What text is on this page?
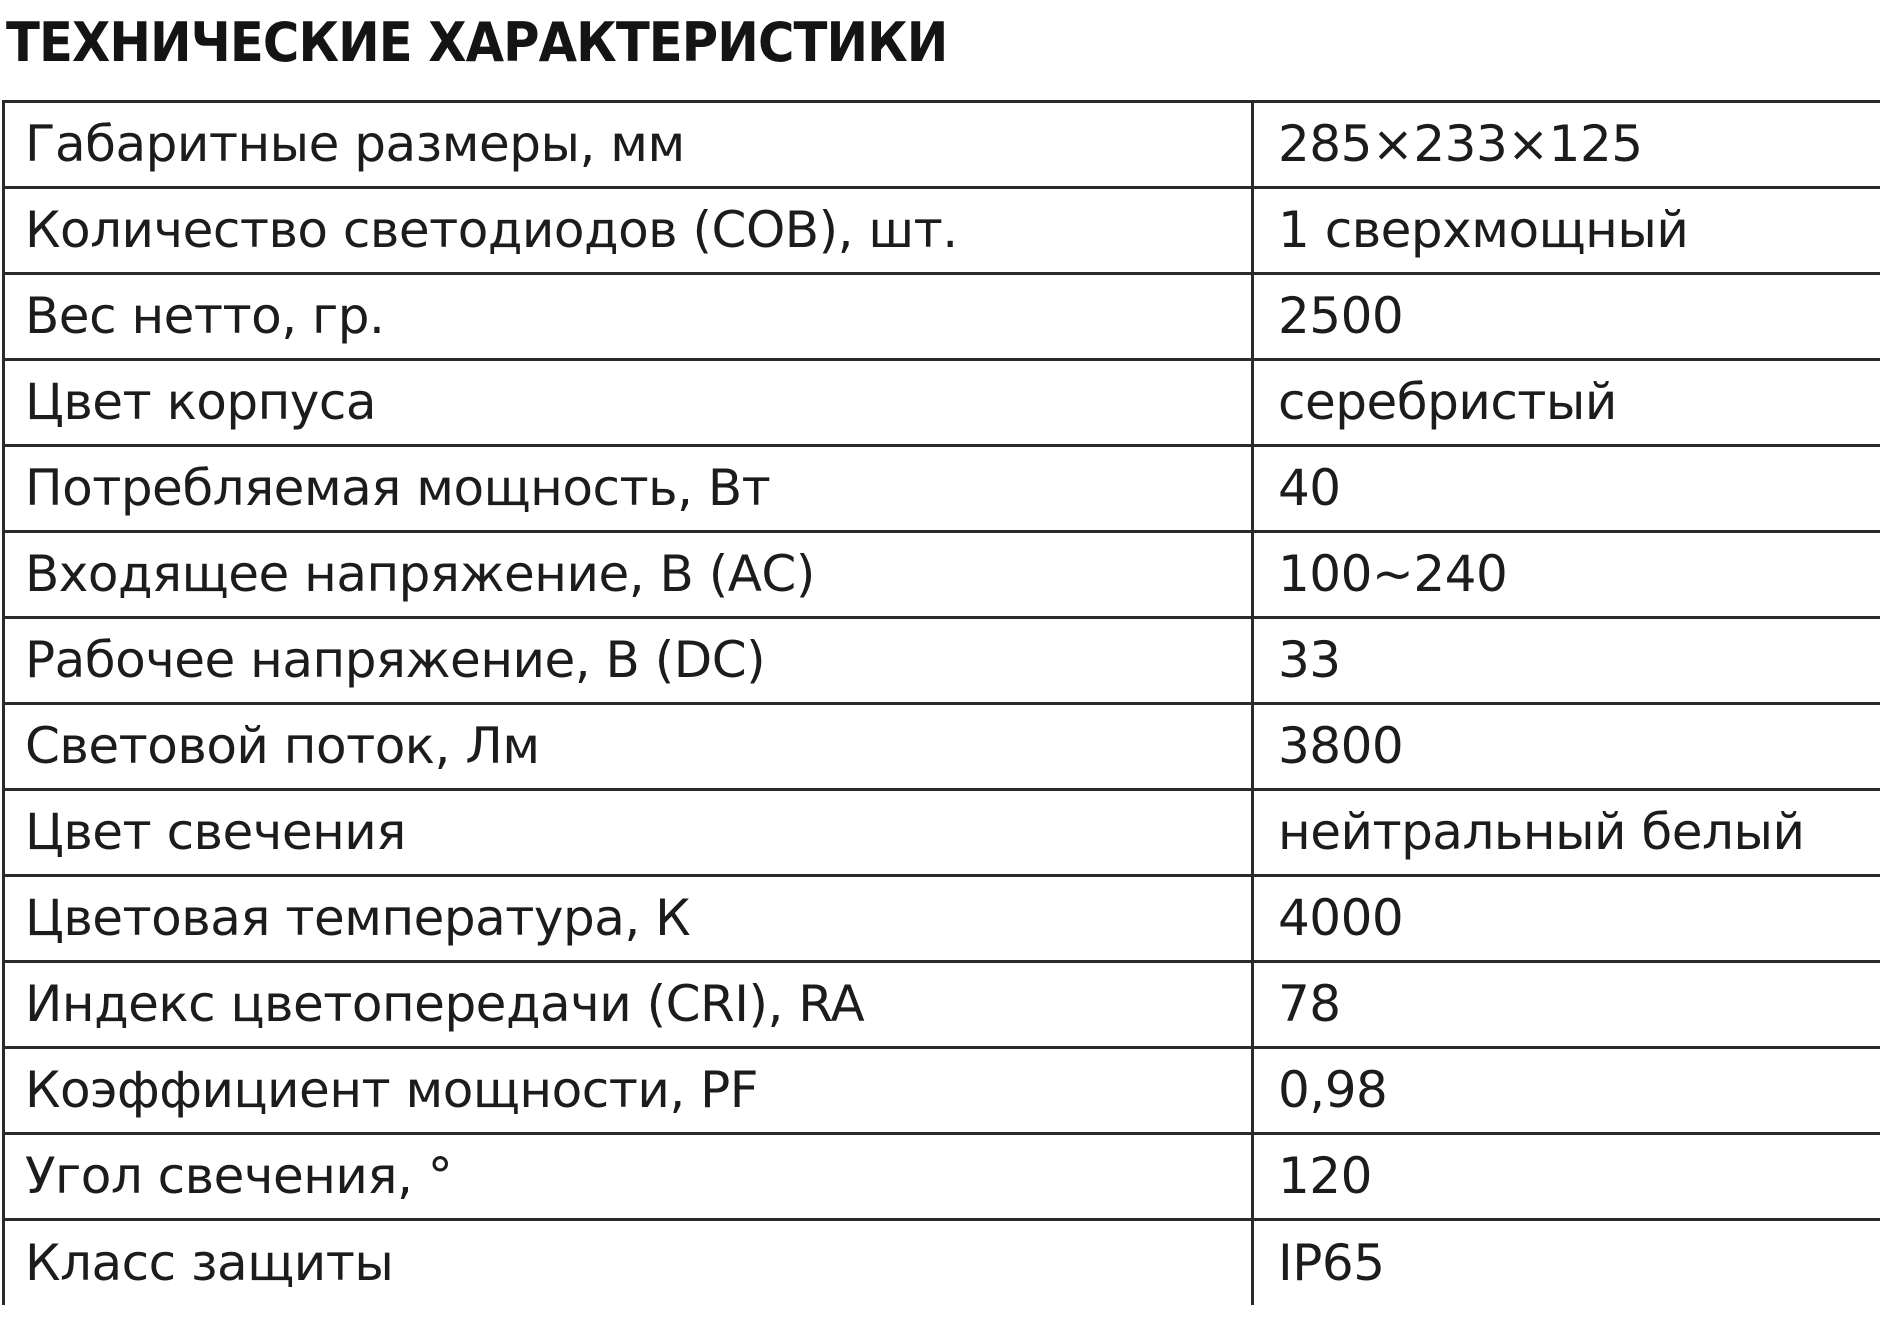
ТЕХНИЧЕСКИЕ ХАРАКТЕРИСТИКИ
Габаритные размеры, мм	285×233×125
Количество светодиодов (COB), шт.	1 сверхмощный
Вес нетто, гр.	2500
Цвет корпуса	серебристый
Потребляемая мощность, Вт	40
Входящее напряжение, В (АС)	100~240
Рабочее напряжение, В (DC)	33
Световой поток, Лм	3800
Цвет свечения	нейтральный белый
Цветовая температура, К	4000
Индекс цветопередачи (CRI), RA	78
Коэффициент мощности, PF	0,98
Угол свечения, °	120
Класс защиты	IP65
